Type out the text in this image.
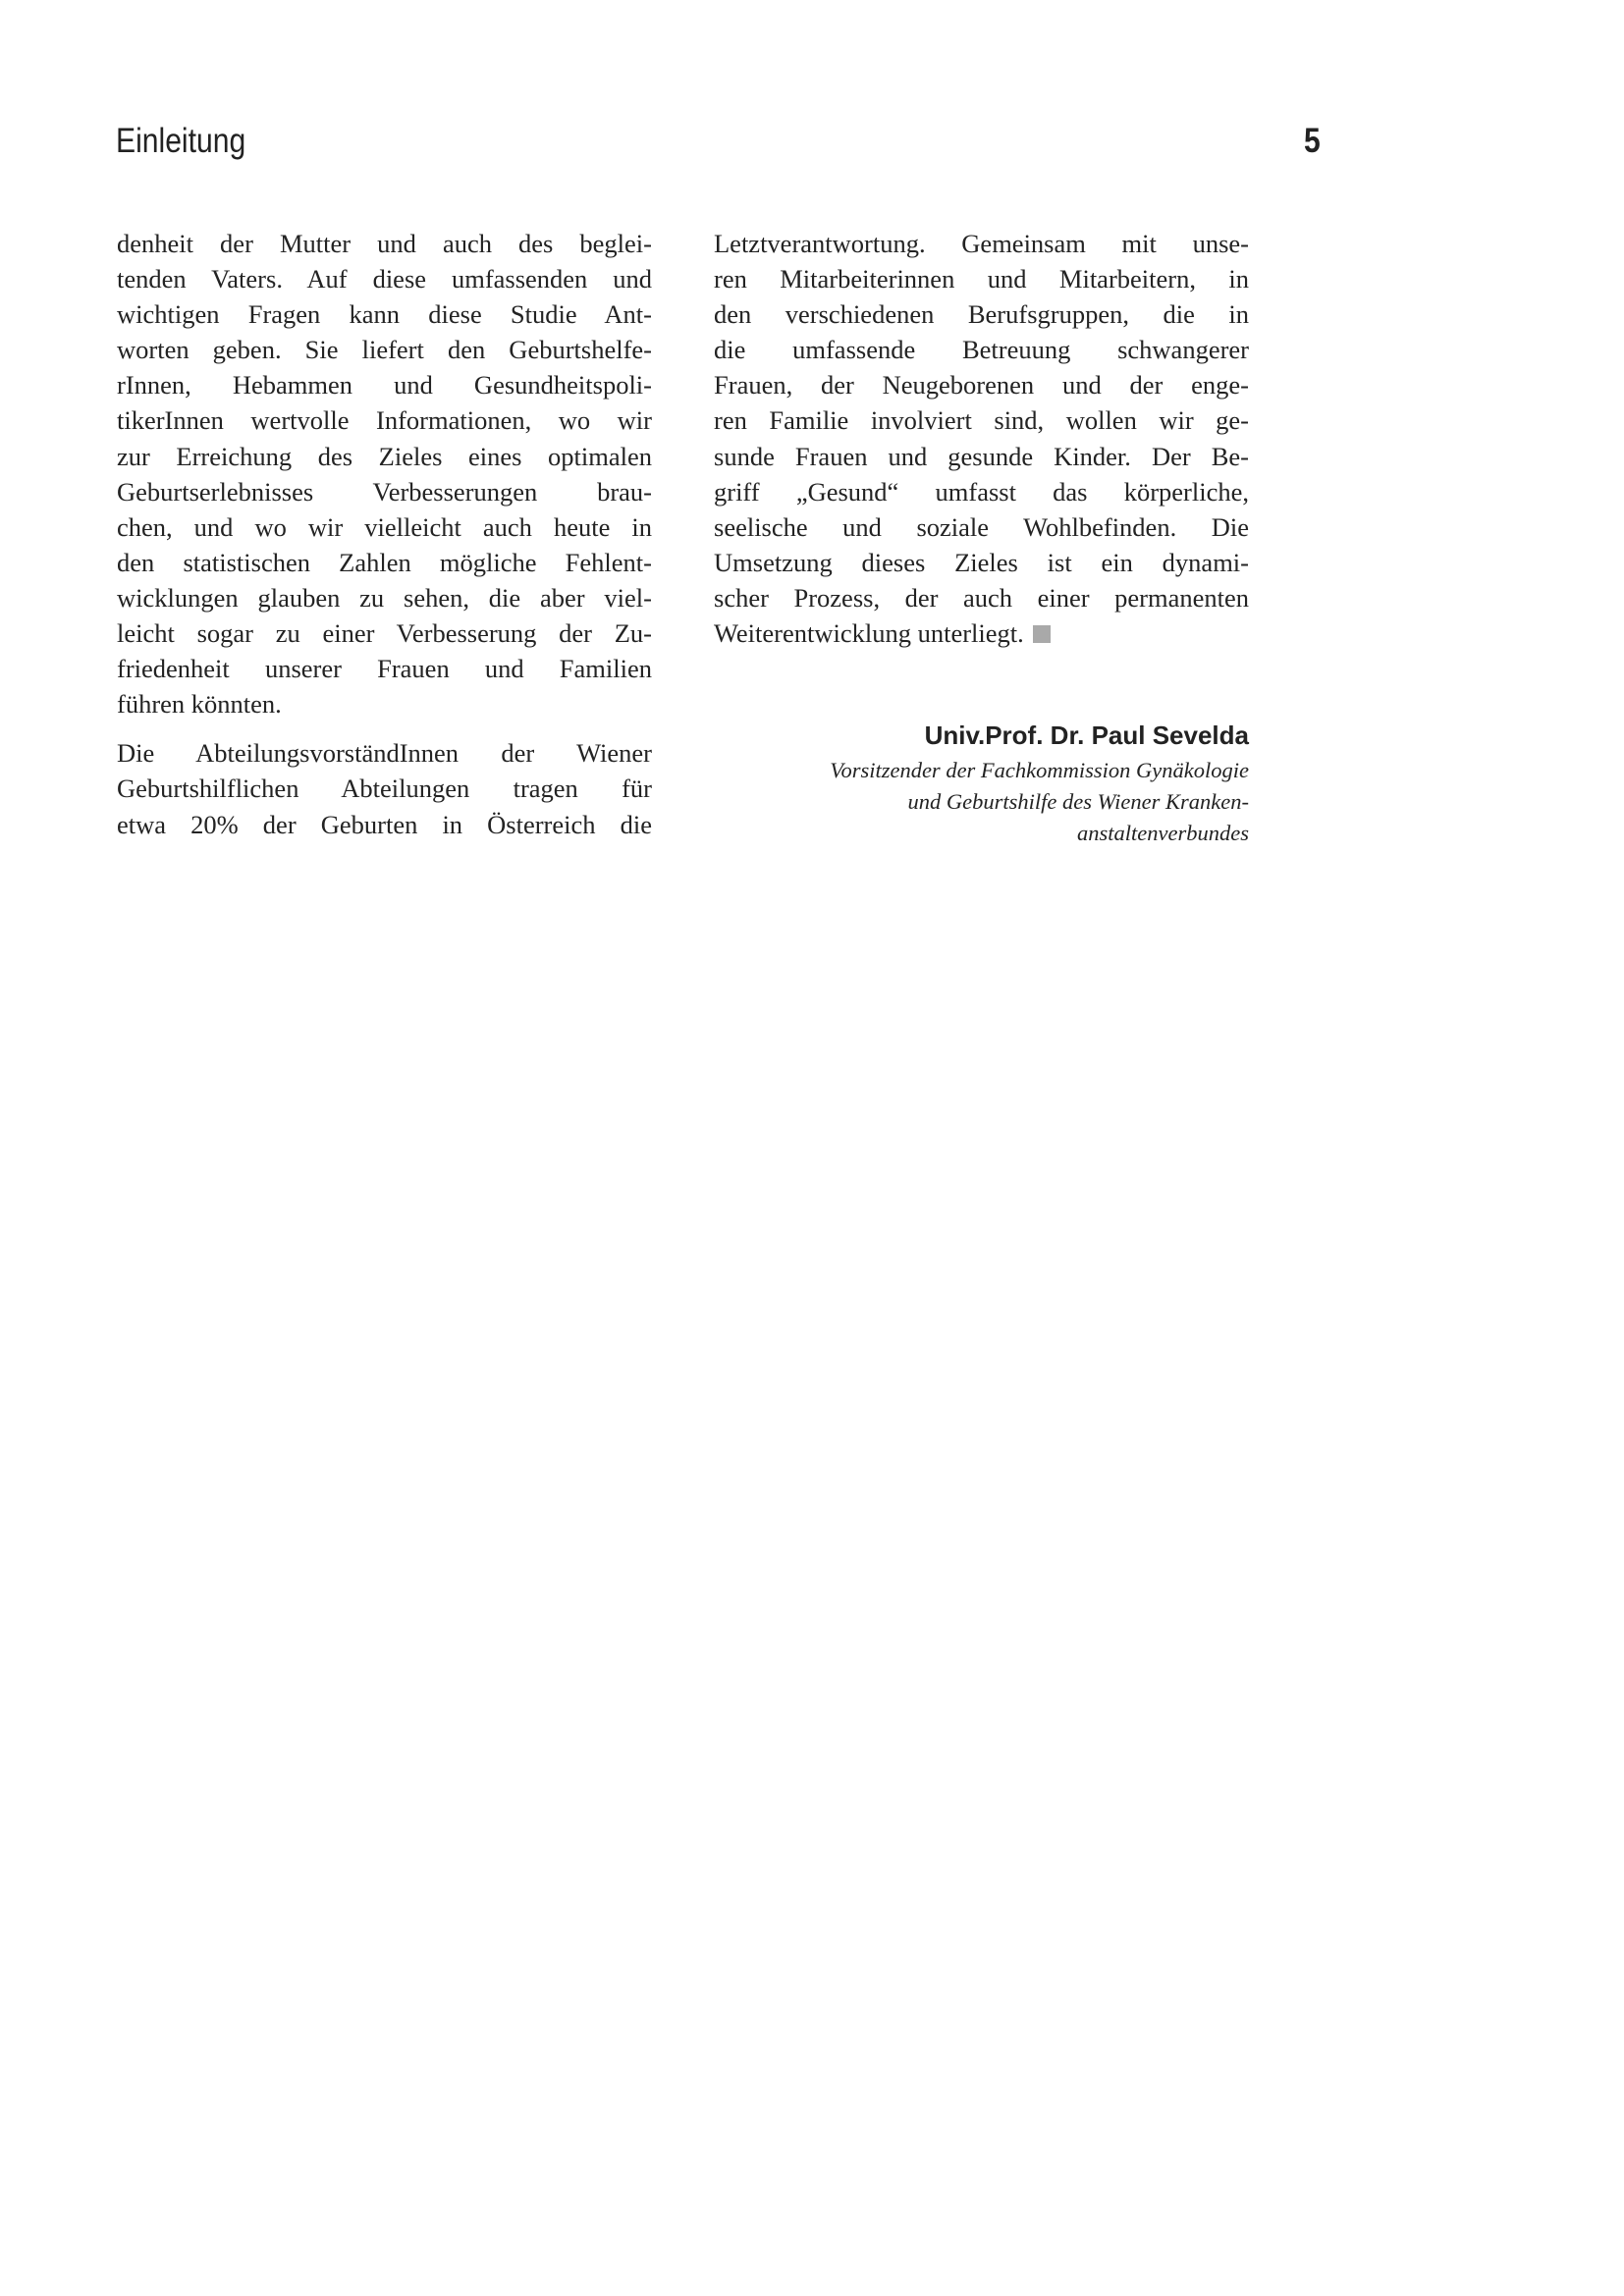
Einleitung	5
denheit der Mutter und auch des beglei-
tenden Vaters. Auf diese umfassenden und
wichtigen Fragen kann diese Studie Ant-
worten geben. Sie liefert den Geburtshelfe-
rInnen, Hebammen und Gesundheitspoli-
tikerInnen wertvolle Informationen, wo wir
zur Erreichung des Zieles eines optimalen
Geburtserlebnisses Verbesserungen brau-
chen, und wo wir vielleicht auch heute in
den statistischen Zahlen mögliche Fehlent-
wicklungen glauben zu sehen, die aber viel-
leicht sogar zu einer Verbesserung der Zu-
friedenheit unserer Frauen und Familien
führen könnten.
Die AbteilungsvorständInnen der Wiener
Geburtshilflichen Abteilungen tragen für
etwa 20% der Geburten in Österreich die
Letztverantwortung. Gemeinsam mit unse-
ren Mitarbeiterinnen und Mitarbeitern, in
den verschiedenen Berufsgruppen, die in
die umfassende Betreuung schwangerer
Frauen, der Neugeborenen und der enge-
ren Familie involviert sind, wollen wir ge-
sunde Frauen und gesunde Kinder. Der Be-
griff „Gesund“ umfasst das körperliche,
seelische und soziale Wohlbefinden. Die
Umsetzung dieses Zieles ist ein dynami-
scher Prozess, der auch einer permanenten
Weiterentwicklung unterliegt.
Univ.Prof. Dr. Paul Sevelda
Vorsitzender der Fachkommission Gynäkologie
und Geburtshilfe des Wiener Kranken-
anstaltenverbundes
